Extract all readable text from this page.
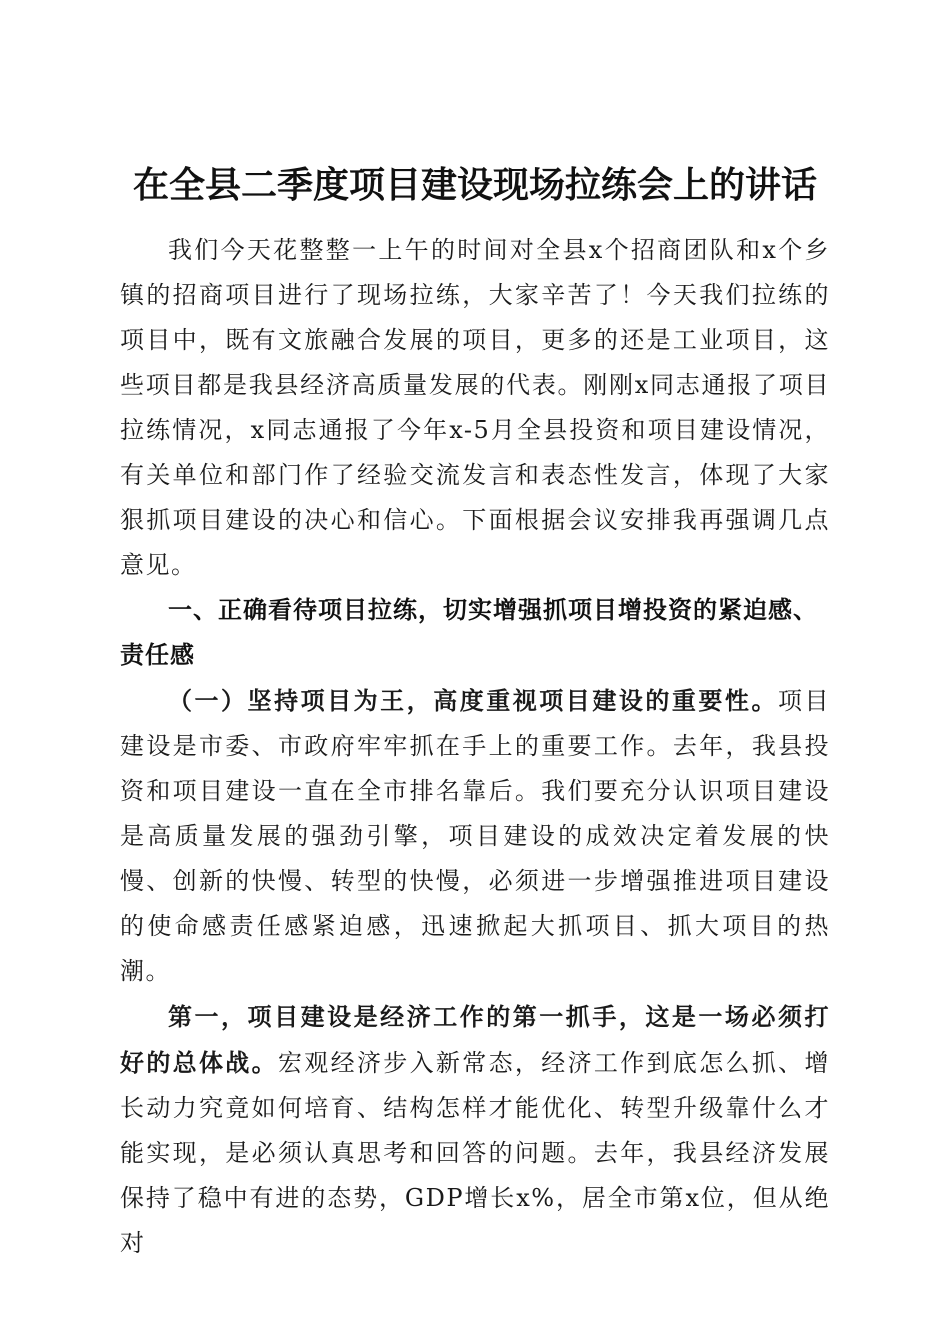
在全县二季度项目建设现场拉练会上的讲话

我们今天花整整一上午的时间对全县x个招商团队和x个乡镇的招商项目进行了现场拉练，大家辛苦了！今天我们拉练的项目中，既有文旅融合发展的项目，更多的还是工业项目，这些项目都是我县经济高质量发展的代表。刚刚x同志通报了项目拉练情况，x同志通报了今年x-5月全县投资和项目建设情况，有关单位和部门作了经验交流发言和表态性发言，体现了大家狠抓项目建设的决心和信心。下面根据会议安排我再强调几点意见。

一、正确看待项目拉练，切实增强抓项目增投资的紧迫感、责任感

（一）坚持项目为王，高度重视项目建设的重要性。项目建设是市委、市政府牢牢抓在手上的重要工作。去年，我县投资和项目建设一直在全市排名靠后。我们要充分认识项目建设是高质量发展的强劲引擎，项目建设的成效决定着发展的快慢、创新的快慢、转型的快慢，必须进一步增强推进项目建设的使命感责任感紧迫感，迅速掀起大抓项目、抓大项目的热潮。

第一，项目建设是经济工作的第一抓手，这是一场必须打好的总体战。宏观经济步入新常态，经济工作到底怎么抓、增长动力究竟如何培育、结构怎样才能优化、转型升级靠什么才能实现，是必须认真思考和回答的问题。去年，我县经济发展保持了稳中有进的态势，GDP增长x%，居全市第x位，但从绝对
